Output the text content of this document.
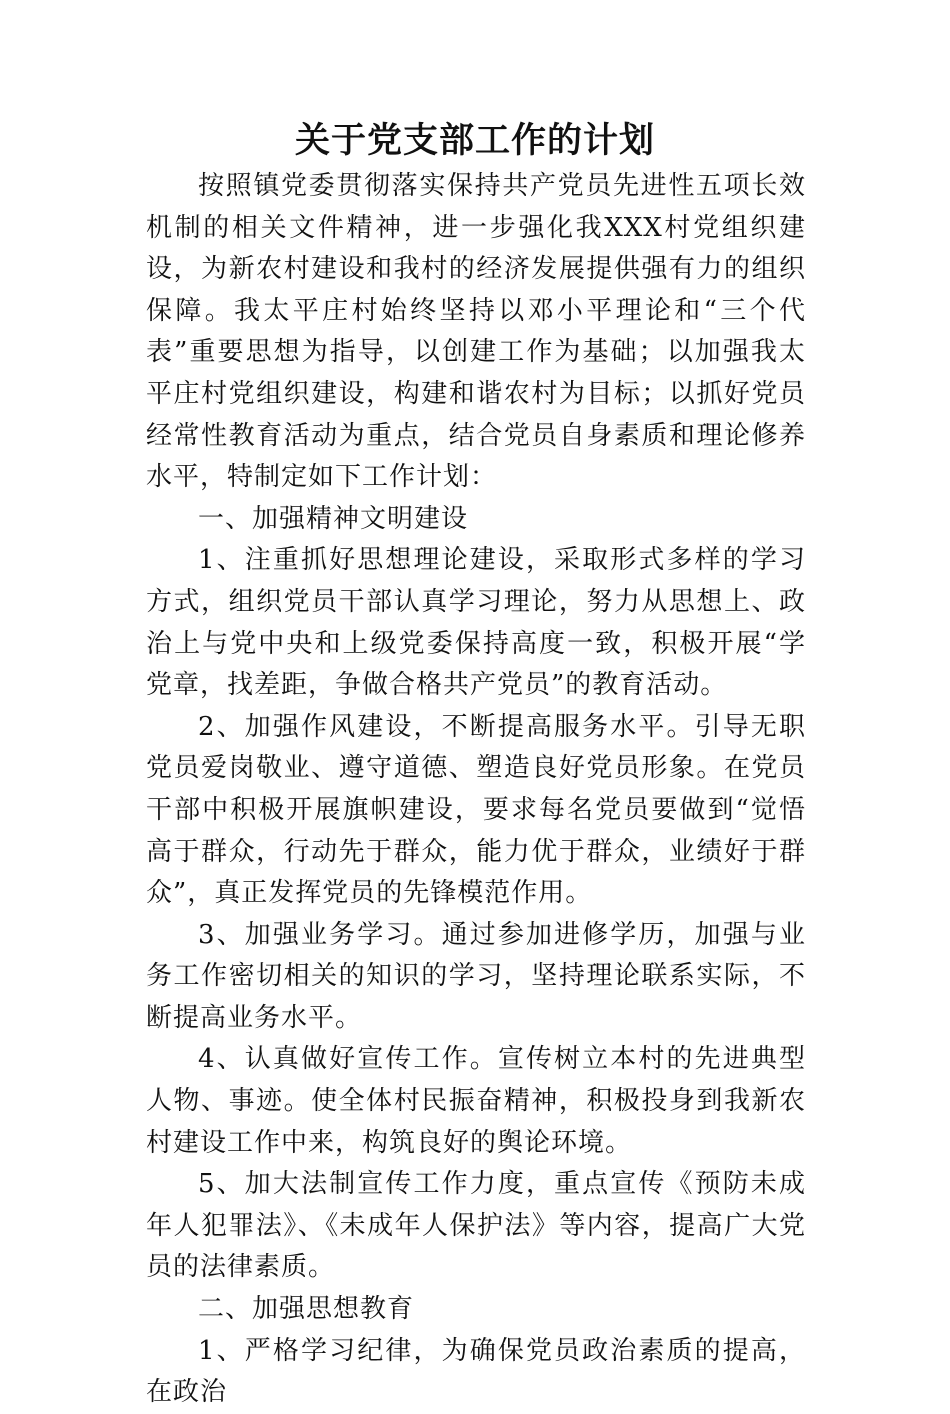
关于党支部工作的计划

按照镇党委贯彻落实保持共产党员先进性五项长效机制的相关文件精神，进一步强化我XXX村党组织建设，为新农村建设和我村的经济发展提供强有力的组织保障。我太平庄村始终坚持以邓小平理论和“三个代表”重要思想为指导，以创建工作为基础；以加强我太平庄村党组织建设，构建和谐农村为目标；以抓好党员经常性教育活动为重点，结合党员自身素质和理论修养水平，特制定如下工作计划：

一、加强精神文明建设

1、注重抓好思想理论建设，采取形式多样的学习方式，组织党员干部认真学习理论，努力从思想上、政治上与党中央和上级党委保持高度一致，积极开展“学党章，找差距，争做合格共产党员”的教育活动。

2、加强作风建设，不断提高服务水平。引导无职党员爱岗敬业、遵守道德、塑造良好党员形象。在党员干部中积极开展旗帜建设，要求每名党员要做到“觉悟高于群众，行动先于群众，能力优于群众，业绩好于群众”，真正发挥党员的先锋模范作用。

3、加强业务学习。通过参加进修学历，加强与业务工作密切相关的知识的学习，坚持理论联系实际，不断提高业务水平。

4、认真做好宣传工作。宣传树立本村的先进典型人物、事迹。使全体村民振奋精神，积极投身到我新农村建设工作中来，构筑良好的舆论环境。

5、加大法制宣传工作力度，重点宣传《预防未成年人犯罪法》、《未成年人保护法》等内容，提高广大党员的法律素质。

二、加强思想教育

1、严格学习纪律，为确保党员政治素质的提高，在政治
